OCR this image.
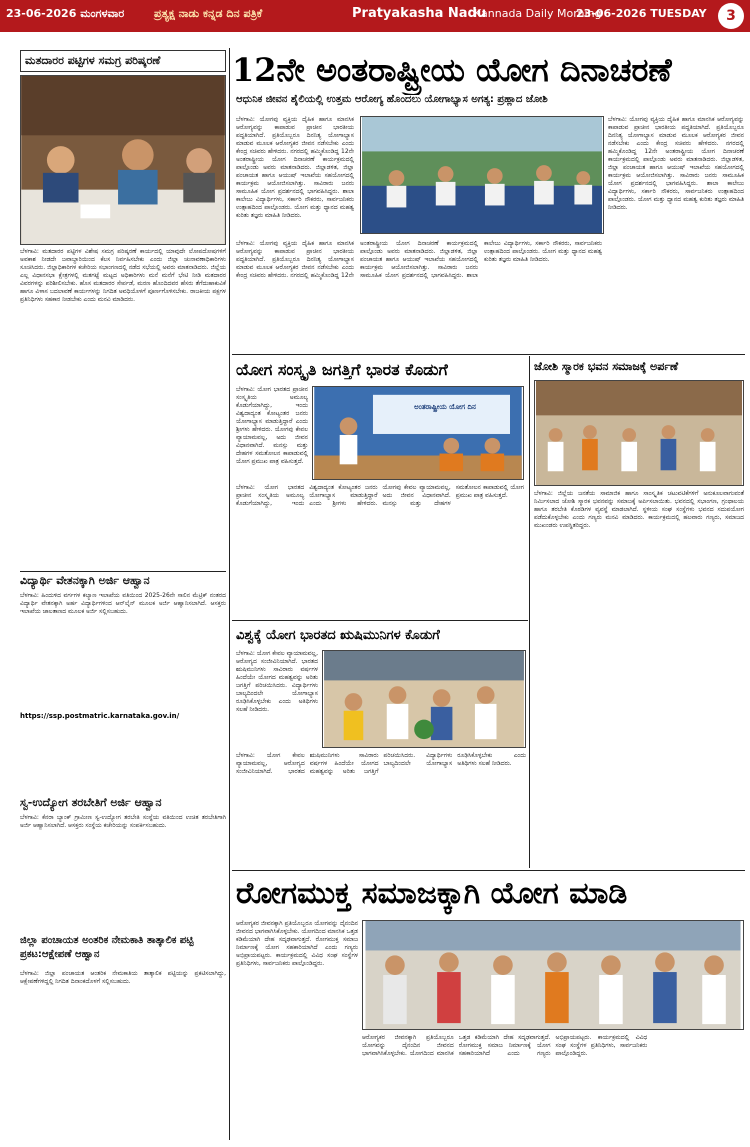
23-06-2026 ಮಂಗಳವಾರ	ಪ್ರತ್ಯಕ್ಷ ನಾಡು ಕನ್ನಡ ದಿನ ಪತ್ರಿಕೆ	Pratyakasha Nadu
Kannada Daily Morning
23-06-2026 TUESDAY	3
ಮತದಾರರ ಪಟ್ಟಿಗಳ ಸಮಗ್ರ ಪರಿಷ್ಕರಣೆ

ಬೆಳಗಾವಿ: ಮತದಾರರ ಪಟ್ಟಿಗಳ ವಿಶೇಷ ಸಮಗ್ರ ಪರಿಷ್ಕರಣೆ ಕಾರ್ಯದಲ್ಲಿ ಯಾವುದೇ ಲೋಪದೋಷಗಳಿಗೆ ಅವಕಾಶ ನೀಡದೇ ಜವಾಬ್ದಾರಿಯಿಂದ ಕೆಲಸ ನಿರ್ವಹಿಸಬೇಕು ಎಂದು ಜಿಲ್ಲಾ ಚುನಾವಣಾಧಿಕಾರಿಗಳು ಸೂಚಿಸಿದರು. ಜಿಲ್ಲಾಧಿಕಾರಿಗಳ ಕಚೇರಿಯ ಸಭಾಂಗಣದಲ್ಲಿ ನಡೆದ ಸಭೆಯಲ್ಲಿ ಅವರು ಮಾತನಾಡಿದರು. ಜಿಲ್ಲೆಯ ಎಲ್ಲ ವಿಧಾನಸಭಾ ಕ್ಷೇತ್ರಗಳಲ್ಲಿ ಮತಗಟ್ಟೆ ಮಟ್ಟದ ಅಧಿಕಾರಿಗಳು ಮನೆ ಮನೆಗೆ ಭೇಟಿ ನೀಡಿ ಮತದಾರರ ವಿವರಗಳನ್ನು ಪರಿಶೀಲಿಸಬೇಕು. ಹೊಸ ಮತದಾರರ ಸೇರ್ಪಡೆ, ಮರಣ ಹೊಂದಿದವರ ಹೆಸರು ತೆಗೆದುಹಾಕುವಿಕೆ ಹಾಗೂ ವಿಳಾಸ ಬದಲಾವಣೆ ಕಾರ್ಯಗಳನ್ನು ನಿಗದಿತ ಅವಧಿಯೊಳಗೆ ಪೂರ್ಣಗೊಳಿಸಬೇಕು. ರಾಜಕೀಯ ಪಕ್ಷಗಳ ಪ್ರತಿನಿಧಿಗಳು ಸಹಕಾರ ನೀಡಬೇಕು ಎಂದು ಮನವಿ ಮಾಡಿದರು.

ವಿದ್ಯಾರ್ಥಿ ವೇತನಕ್ಕಾಗಿ ಅರ್ಜಿ ಆಹ್ವಾನ

ಬೆಳಗಾವಿ: ಹಿಂದುಳಿದ ವರ್ಗಗಳ ಕಲ್ಯಾಣ ಇಲಾಖೆಯ ವತಿಯಿಂದ 2025-26ನೇ ಸಾಲಿನ ಮೆಟ್ರಿಕ್ ನಂತರದ ವಿದ್ಯಾರ್ಥಿ ವೇತನಕ್ಕಾಗಿ ಅರ್ಹ ವಿದ್ಯಾರ್ಥಿಗಳಿಂದ ಆನ್‌ಲೈನ್ ಮೂಲಕ ಅರ್ಜಿ ಆಹ್ವಾನಿಸಲಾಗಿದೆ. ಆಸಕ್ತರು ಇಲಾಖೆಯ ಜಾಲತಾಣದ ಮೂಲಕ ಅರ್ಜಿ ಸಲ್ಲಿಸಬಹುದು.

https://ssp.postmatric.karnataka.gov.in/
ಸ್ವ-ಉದ್ಯೋಗ ತರಬೇತಿಗೆ ಅರ್ಜಿ ಆಹ್ವಾನ

ಬೆಳಗಾವಿ: ಕೆನರಾ ಬ್ಯಾಂಕ್ ಗ್ರಾಮೀಣ ಸ್ವ-ಉದ್ಯೋಗ ತರಬೇತಿ ಸಂಸ್ಥೆಯ ವತಿಯಿಂದ ಉಚಿತ ತರಬೇತಿಗಾಗಿ ಅರ್ಜಿ ಆಹ್ವಾನಿಸಲಾಗಿದೆ. ಆಸಕ್ತರು ಸಂಸ್ಥೆಯ ಕಚೇರಿಯನ್ನು ಸಂಪರ್ಕಿಸಬಹುದು.

ಜಿಲ್ಲಾ ಪಂಚಾಯತ ಅಂತರಿಕ ನೇಮಕಾತಿ ತಾತ್ಕಾಲಿಕ ಪಟ್ಟಿ ಪ್ರಕಟ:ಆಕ್ಷೇಪಣೆ ಆಹ್ವಾನ

ಬೆಳಗಾವಿ: ಜಿಲ್ಲಾ ಪಂಚಾಯತ ಆಂತರಿಕ ನೇಮಕಾತಿಯ ತಾತ್ಕಾಲಿಕ ಪಟ್ಟಿಯನ್ನು ಪ್ರಕಟಿಸಲಾಗಿದ್ದು, ಆಕ್ಷೇಪಣೆಗಳಿದ್ದಲ್ಲಿ ನಿಗದಿತ ದಿನಾಂಕದೊಳಗೆ ಸಲ್ಲಿಸಬಹುದು.

12ನೇ ಅಂತರಾಷ್ಟ್ರೀಯ ಯೋಗ ದಿನಾಚರಣೆ
ಆಧುನಿಕ ಜೀವನ ಶೈಲಿಯಲ್ಲಿ ಉತ್ತಮ ಆರೋಗ್ಯ ಹೊಂದಲು ಯೋಗಾಭ್ಯಾಸ ಅಗತ್ಯ: ಪ್ರಹ್ಲಾದ ಜೋಶಿ

ಬೆಳಗಾವಿ: ಯೋಗವು ವ್ಯಕ್ತಿಯ ದೈಹಿಕ ಹಾಗೂ ಮಾನಸಿಕ ಆರೋಗ್ಯವನ್ನು ಕಾಪಾಡುವ ಪ್ರಾಚೀನ ಭಾರತೀಯ ಪದ್ಧತಿಯಾಗಿದೆ. ಪ್ರತಿಯೊಬ್ಬರೂ ದಿನನಿತ್ಯ ಯೋಗಾಭ್ಯಾಸ ಮಾಡುವ ಮೂಲಕ ಆರೋಗ್ಯಕರ ಜೀವನ ನಡೆಸಬೇಕು ಎಂದು ಕೇಂದ್ರ ಸಚಿವರು ಹೇಳಿದರು. ನಗರದಲ್ಲಿ ಹಮ್ಮಿಕೊಂಡಿದ್ದ 12ನೇ ಅಂತರಾಷ್ಟ್ರೀಯ ಯೋಗ ದಿನಾಚರಣೆ ಕಾರ್ಯಕ್ರಮದಲ್ಲಿ ಪಾಲ್ಗೊಂಡು ಅವರು ಮಾತನಾಡಿದರು. ಜಿಲ್ಲಾಡಳಿತ, ಜಿಲ್ಲಾ ಪಂಚಾಯತ ಹಾಗೂ ಆಯುಷ್ ಇಲಾಖೆಯ ಸಹಯೋಗದಲ್ಲಿ ಕಾರ್ಯಕ್ರಮ ಆಯೋಜಿಸಲಾಗಿತ್ತು. ಸಾವಿರಾರು ಜನರು ಸಾಮೂಹಿಕ ಯೋಗ ಪ್ರದರ್ಶನದಲ್ಲಿ ಭಾಗವಹಿಸಿದ್ದರು. ಶಾಲಾ ಕಾಲೇಜು ವಿದ್ಯಾರ್ಥಿಗಳು, ಸರ್ಕಾರಿ ನೌಕರರು, ಸಾರ್ವಜನಿಕರು ಉತ್ಸಾಹದಿಂದ ಪಾಲ್ಗೊಂಡರು. ಯೋಗ ಮತ್ತು ಧ್ಯಾನದ ಮಹತ್ವ ಕುರಿತು ತಜ್ಞರು ಮಾಹಿತಿ ನೀಡಿದರು.

ಬೆಳಗಾವಿ: ಯೋಗವು ವ್ಯಕ್ತಿಯ ದೈಹಿಕ ಹಾಗೂ ಮಾನಸಿಕ ಆರೋಗ್ಯವನ್ನು ಕಾಪಾಡುವ ಪ್ರಾಚೀನ ಭಾರತೀಯ ಪದ್ಧತಿಯಾಗಿದೆ. ಪ್ರತಿಯೊಬ್ಬರೂ ದಿನನಿತ್ಯ ಯೋಗಾಭ್ಯಾಸ ಮಾಡುವ ಮೂಲಕ ಆರೋಗ್ಯಕರ ಜೀವನ ನಡೆಸಬೇಕು ಎಂದು ಕೇಂದ್ರ ಸಚಿವರು ಹೇಳಿದರು. ನಗರದಲ್ಲಿ ಹಮ್ಮಿಕೊಂಡಿದ್ದ 12ನೇ ಅಂತರಾಷ್ಟ್ರೀಯ ಯೋಗ ದಿನಾಚರಣೆ ಕಾರ್ಯಕ್ರಮದಲ್ಲಿ ಪಾಲ್ಗೊಂಡು ಅವರು ಮಾತನಾಡಿದರು. ಜಿಲ್ಲಾಡಳಿತ, ಜಿಲ್ಲಾ ಪಂಚಾಯತ ಹಾಗೂ ಆಯುಷ್ ಇಲಾಖೆಯ ಸಹಯೋಗದಲ್ಲಿ ಕಾರ್ಯಕ್ರಮ ಆಯೋಜಿಸಲಾಗಿತ್ತು. ಸಾವಿರಾರು ಜನರು ಸಾಮೂಹಿಕ ಯೋಗ ಪ್ರದರ್ಶನದಲ್ಲಿ ಭಾಗವಹಿಸಿದ್ದರು. ಶಾಲಾ ಕಾಲೇಜು ವಿದ್ಯಾರ್ಥಿಗಳು, ಸರ್ಕಾರಿ ನೌಕರರು, ಸಾರ್ವಜನಿಕರು ಉತ್ಸಾಹದಿಂದ ಪಾಲ್ಗೊಂಡರು. ಯೋಗ ಮತ್ತು ಧ್ಯಾನದ ಮಹತ್ವ ಕುರಿತು ತಜ್ಞರು ಮಾಹಿತಿ ನೀಡಿದರು.

ಬೆಳಗಾವಿ: ಯೋಗವು ವ್ಯಕ್ತಿಯ ದೈಹಿಕ ಹಾಗೂ ಮಾನಸಿಕ ಆರೋಗ್ಯವನ್ನು ಕಾಪಾಡುವ ಪ್ರಾಚೀನ ಭಾರತೀಯ ಪದ್ಧತಿಯಾಗಿದೆ. ಪ್ರತಿಯೊಬ್ಬರೂ ದಿನನಿತ್ಯ ಯೋಗಾಭ್ಯಾಸ ಮಾಡುವ ಮೂಲಕ ಆರೋಗ್ಯಕರ ಜೀವನ ನಡೆಸಬೇಕು ಎಂದು ಕೇಂದ್ರ ಸಚಿವರು ಹೇಳಿದರು. ನಗರದಲ್ಲಿ ಹಮ್ಮಿಕೊಂಡಿದ್ದ 12ನೇ ಅಂತರಾಷ್ಟ್ರೀಯ ಯೋಗ ದಿನಾಚರಣೆ ಕಾರ್ಯಕ್ರಮದಲ್ಲಿ ಪಾಲ್ಗೊಂಡು ಅವರು ಮಾತನಾಡಿದರು. ಜಿಲ್ಲಾಡಳಿತ, ಜಿಲ್ಲಾ ಪಂಚಾಯತ ಹಾಗೂ ಆಯುಷ್ ಇಲಾಖೆಯ ಸಹಯೋಗದಲ್ಲಿ ಕಾರ್ಯಕ್ರಮ ಆಯೋಜಿಸಲಾಗಿತ್ತು. ಸಾವಿರಾರು ಜನರು ಸಾಮೂಹಿಕ ಯೋಗ ಪ್ರದರ್ಶನದಲ್ಲಿ ಭಾಗವಹಿಸಿದ್ದರು. ಶಾಲಾ ಕಾಲೇಜು ವಿದ್ಯಾರ್ಥಿಗಳು, ಸರ್ಕಾರಿ ನೌಕರರು, ಸಾರ್ವಜನಿಕರು ಉತ್ಸಾಹದಿಂದ ಪಾಲ್ಗೊಂಡರು. ಯೋಗ ಮತ್ತು ಧ್ಯಾನದ ಮಹತ್ವ ಕುರಿತು ತಜ್ಞರು ಮಾಹಿತಿ ನೀಡಿದರು.

ಯೋಗ ಸಂಸ್ಕೃತಿ ಜಗತ್ತಿಗೆ ಭಾರತ ಕೊಡುಗೆ

ಬೆಳಗಾವಿ: ಯೋಗ ಭಾರತದ ಪ್ರಾಚೀನ ಸಂಸ್ಕೃತಿಯ ಅಮೂಲ್ಯ ಕೊಡುಗೆಯಾಗಿದ್ದು, ಇಂದು ವಿಶ್ವದಾದ್ಯಂತ ಕೋಟ್ಯಂತರ ಜನರು ಯೋಗಾಭ್ಯಾಸ ಮಾಡುತ್ತಿದ್ದಾರೆ ಎಂದು ಶ್ರೀಗಳು ಹೇಳಿದರು. ಯೋಗವು ಕೇವಲ ವ್ಯಾಯಾಮವಲ್ಲ, ಅದು ಜೀವನ ವಿಧಾನವಾಗಿದೆ. ಮನಸ್ಸು ಮತ್ತು ದೇಹಗಳ ಸಮತೋಲನ ಕಾಪಾಡುವಲ್ಲಿ ಯೋಗ ಪ್ರಮುಖ ಪಾತ್ರ ವಹಿಸುತ್ತದೆ.

ಅಂತರಾಷ್ಟ್ರೀಯ ಯೋಗ ದಿನ

ಬೆಳಗಾವಿ: ಯೋಗ ಭಾರತದ ಪ್ರಾಚೀನ ಸಂಸ್ಕೃತಿಯ ಅಮೂಲ್ಯ ಕೊಡುಗೆಯಾಗಿದ್ದು, ಇಂದು ವಿಶ್ವದಾದ್ಯಂತ ಕೋಟ್ಯಂತರ ಜನರು ಯೋಗಾಭ್ಯಾಸ ಮಾಡುತ್ತಿದ್ದಾರೆ ಎಂದು ಶ್ರೀಗಳು ಹೇಳಿದರು. ಯೋಗವು ಕೇವಲ ವ್ಯಾಯಾಮವಲ್ಲ, ಅದು ಜೀವನ ವಿಧಾನವಾಗಿದೆ. ಮನಸ್ಸು ಮತ್ತು ದೇಹಗಳ ಸಮತೋಲನ ಕಾಪಾಡುವಲ್ಲಿ ಯೋಗ ಪ್ರಮುಖ ಪಾತ್ರ ವಹಿಸುತ್ತದೆ.

ವಿಶ್ವಕ್ಕೆ ಯೋಗ ಭಾರತದ ಋಷಿಮುನಿಗಳ ಕೊಡುಗೆ

ಬೆಳಗಾವಿ: ಯೋಗ ಕೇವಲ ವ್ಯಾಯಾಮವಲ್ಲ, ಆರೋಗ್ಯದ ಸಂಜೀವಿನಿಯಾಗಿದೆ. ಭಾರತದ ಋಷಿಮುನಿಗಳು ಸಾವಿರಾರು ವರ್ಷಗಳ ಹಿಂದೆಯೇ ಯೋಗದ ಮಹತ್ವವನ್ನು ಅರಿತು ಜಗತ್ತಿಗೆ ಪರಿಚಯಿಸಿದರು. ವಿದ್ಯಾರ್ಥಿಗಳು ಬಾಲ್ಯದಿಂದಲೇ ಯೋಗಾಭ್ಯಾಸ ರೂಢಿಸಿಕೊಳ್ಳಬೇಕು ಎಂದು ಅತಿಥಿಗಳು ಸಲಹೆ ನೀಡಿದರು.

ಬೆಳಗಾವಿ: ಯೋಗ ಕೇವಲ ವ್ಯಾಯಾಮವಲ್ಲ, ಆರೋಗ್ಯದ ಸಂಜೀವಿನಿಯಾಗಿದೆ. ಭಾರತದ ಋಷಿಮುನಿಗಳು ಸಾವಿರಾರು ವರ್ಷಗಳ ಹಿಂದೆಯೇ ಯೋಗದ ಮಹತ್ವವನ್ನು ಅರಿತು ಜಗತ್ತಿಗೆ ಪರಿಚಯಿಸಿದರು. ವಿದ್ಯಾರ್ಥಿಗಳು ಬಾಲ್ಯದಿಂದಲೇ ಯೋಗಾಭ್ಯಾಸ ರೂಢಿಸಿಕೊಳ್ಳಬೇಕು ಎಂದು ಅತಿಥಿಗಳು ಸಲಹೆ ನೀಡಿದರು.

ಜೋಶಿ ಸ್ಮಾರಕ ಭವನ ಸಮಾಜಕ್ಕೆ ಅರ್ಪಣೆ

ಬೆಳಗಾವಿ: ಜಿಲ್ಲೆಯ ಜನತೆಯ ಸಾಮಾಜಿಕ ಹಾಗೂ ಸಾಂಸ್ಕೃತಿಕ ಚಟುವಟಿಕೆಗಳಿಗೆ ಅನುಕೂಲವಾಗುವಂತೆ ನಿರ್ಮಿಸಲಾದ ಜೋಶಿ ಸ್ಮಾರಕ ಭವನವನ್ನು ಸಮಾಜಕ್ಕೆ ಅರ್ಪಿಸಲಾಯಿತು. ಭವನದಲ್ಲಿ ಸಭಾಂಗಣ, ಗ್ರಂಥಾಲಯ ಹಾಗೂ ತರಬೇತಿ ಕೊಠಡಿಗಳ ವ್ಯವಸ್ಥೆ ಮಾಡಲಾಗಿದೆ. ಸ್ಥಳೀಯ ಸಂಘ ಸಂಸ್ಥೆಗಳು ಭವನದ ಸದುಪಯೋಗ ಪಡೆದುಕೊಳ್ಳಬೇಕು ಎಂದು ಗಣ್ಯರು ಮನವಿ ಮಾಡಿದರು. ಕಾರ್ಯಕ್ರಮದಲ್ಲಿ ಹಲವಾರು ಗಣ್ಯರು, ಸಮಾಜದ ಮುಖಂಡರು ಉಪಸ್ಥಿತರಿದ್ದರು.

ರೋಗಮುಕ್ತ ಸಮಾಜಕ್ಕಾಗಿ ಯೋಗ ಮಾಡಿ

ಆರೋಗ್ಯಕರ ಜೀವನಕ್ಕಾಗಿ ಪ್ರತಿಯೊಬ್ಬರೂ ಯೋಗವನ್ನು ದೈನಂದಿನ ಜೀವನದ ಭಾಗವಾಗಿಸಿಕೊಳ್ಳಬೇಕು. ಯೋಗದಿಂದ ಮಾನಸಿಕ ಒತ್ತಡ ಕಡಿಮೆಯಾಗಿ ದೇಹ ಸದೃಢವಾಗುತ್ತದೆ. ರೋಗಮುಕ್ತ ಸಮಾಜ ನಿರ್ಮಾಣಕ್ಕೆ ಯೋಗ ಸಹಕಾರಿಯಾಗಿದೆ ಎಂದು ಗಣ್ಯರು ಅಭಿಪ್ರಾಯಪಟ್ಟರು. ಕಾರ್ಯಕ್ರಮದಲ್ಲಿ ವಿವಿಧ ಸಂಘ ಸಂಸ್ಥೆಗಳ ಪ್ರತಿನಿಧಿಗಳು, ಸಾರ್ವಜನಿಕರು ಪಾಲ್ಗೊಂಡಿದ್ದರು.

ಆರೋಗ್ಯಕರ ಜೀವನಕ್ಕಾಗಿ ಪ್ರತಿಯೊಬ್ಬರೂ ಯೋಗವನ್ನು ದೈನಂದಿನ ಜೀವನದ ಭಾಗವಾಗಿಸಿಕೊಳ್ಳಬೇಕು. ಯೋಗದಿಂದ ಮಾನಸಿಕ ಒತ್ತಡ ಕಡಿಮೆಯಾಗಿ ದೇಹ ಸದೃಢವಾಗುತ್ತದೆ. ರೋಗಮುಕ್ತ ಸಮಾಜ ನಿರ್ಮಾಣಕ್ಕೆ ಯೋಗ ಸಹಕಾರಿಯಾಗಿದೆ ಎಂದು ಗಣ್ಯರು ಅಭಿಪ್ರಾಯಪಟ್ಟರು. ಕಾರ್ಯಕ್ರಮದಲ್ಲಿ ವಿವಿಧ ಸಂಘ ಸಂಸ್ಥೆಗಳ ಪ್ರತಿನಿಧಿಗಳು, ಸಾರ್ವಜನಿಕರು ಪಾಲ್ಗೊಂಡಿದ್ದರು.
